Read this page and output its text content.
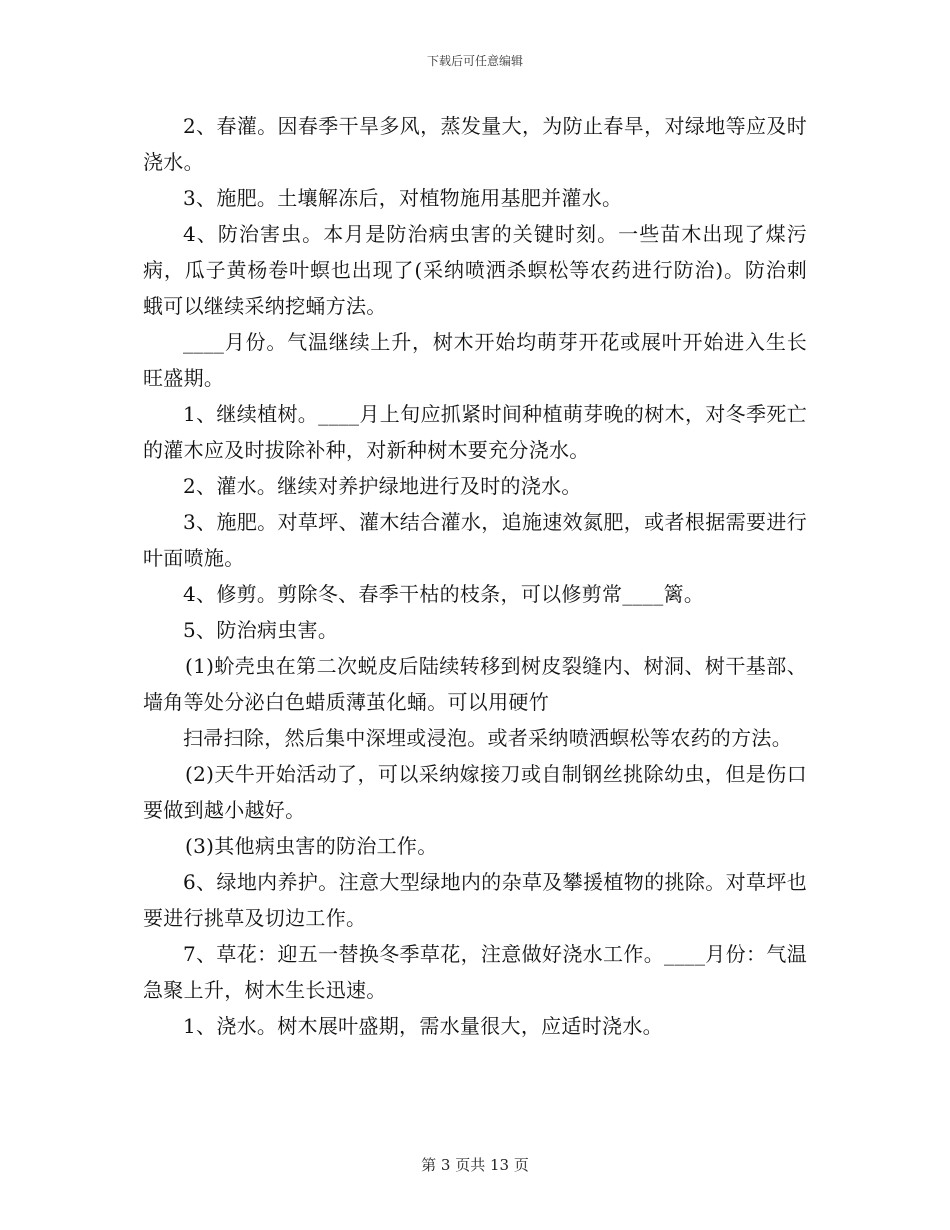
下载后可任意编辑

2、春灌。因春季干旱多风，蒸发量大，为防止春旱，对绿地等应及时浇水。

3、施肥。土壤解冻后，对植物施用基肥并灌水。

4、防治害虫。本月是防治病虫害的关键时刻。一些苗木出现了煤污病，瓜子黄杨卷叶螟也出现了(采纳喷洒杀螟松等农药进行防治)。防治刺蛾可以继续采纳挖蛹方法。

____月份。气温继续上升，树木开始均萌芽开花或展叶开始进入生长旺盛期。

1、继续植树。____月上旬应抓紧时间种植萌芽晚的树木，对冬季死亡的灌木应及时拔除补种，对新种树木要充分浇水。

2、灌水。继续对养护绿地进行及时的浇水。

3、施肥。对草坪、灌木结合灌水，追施速效氮肥，或者根据需要进行叶面喷施。

4、修剪。剪除冬、春季干枯的枝条，可以修剪常____篱。

5、防治病虫害。

(1)蚧壳虫在第二次蜕皮后陆续转移到树皮裂缝内、树洞、树干基部、墙角等处分泌白色蜡质薄茧化蛹。可以用硬竹

扫帚扫除，然后集中深埋或浸泡。或者采纳喷洒螟松等农药的方法。

(2)天牛开始活动了，可以采纳嫁接刀或自制钢丝挑除幼虫，但是伤口要做到越小越好。

(3)其他病虫害的防治工作。

6、绿地内养护。注意大型绿地内的杂草及攀援植物的挑除。对草坪也要进行挑草及切边工作。

7、草花：迎五一替换冬季草花，注意做好浇水工作。____月份：气温急聚上升，树木生长迅速。

1、浇水。树木展叶盛期，需水量很大，应适时浇水。

第 3 页共 13 页
